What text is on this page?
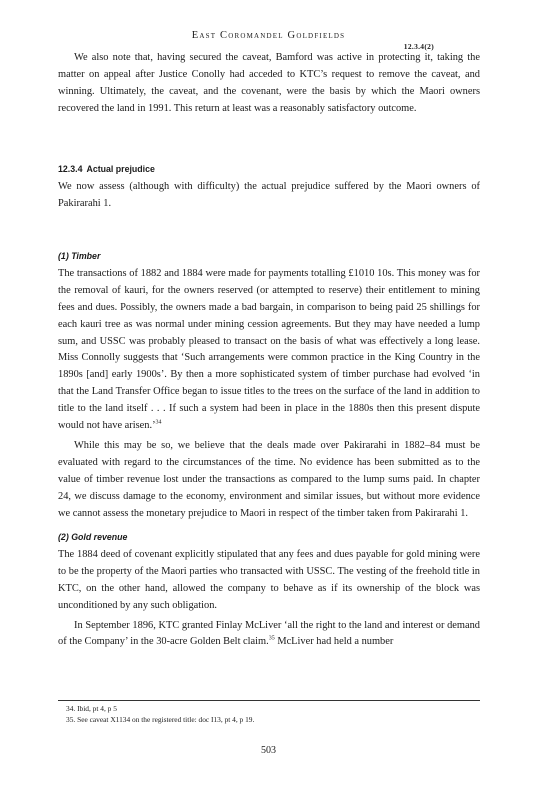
East Coromandel Goldfields
12.3.4(2)

We also note that, having secured the caveat, Bamford was active in protecting it, taking the matter on appeal after Justice Conolly had acceded to KTC’s request to remove the caveat, and winning. Ultimately, the caveat, and the covenant, were the basis by which the Maori owners recovered the land in 1991. This return at least was a reasonably satisfactory outcome.

12.3.4 Actual prejudice

We now assess (although with difficulty) the actual prejudice suffered by the Maori owners of Pakirarahi 1.

(1) Timber

The transactions of 1882 and 1884 were made for payments totalling £1010 10s. This money was for the removal of kauri, for the owners reserved (or attempted to reserve) their entitlement to mining fees and dues. Possibly, the owners made a bad bargain, in comparison to being paid 25 shillings for each kauri tree as was normal under mining cession agreements. But they may have needed a lump sum, and USSC was probably pleased to transact on the basis of what was effectively a long lease. Miss Connolly suggests that ‘Such arrangements were common practice in the King Country in the 1890s [and] early 1900s’. By then a more sophisticated system of timber purchase had evolved ‘in that the Land Transfer Office began to issue titles to the trees on the surface of the land in addition to title to the land itself . . . If such a system had been in place in the 1880s then this present dispute would not have arisen.’$^{34}$

While this may be so, we believe that the deals made over Pakirarahi in 1882–84 must be evaluated with regard to the circumstances of the time. No evidence has been submitted as to the value of timber revenue lost under the transactions as compared to the lump sums paid. In chapter 24, we discuss damage to the economy, environment and similar issues, but without more evidence we cannot assess the monetary prejudice to Maori in respect of the timber taken from Pakirarahi 1.

(2) Gold revenue

The 1884 deed of covenant explicitly stipulated that any fees and dues payable for gold mining were to be the property of the Maori parties who transacted with USSC. The vesting of the freehold title in KTC, on the other hand, allowed the company to behave as if its ownership of the block was unconditioned by any such obligation.

In September 1896, KTC granted Finlay McLiver ‘all the right to the land and interest or demand of the Company’ in the 30-acre Golden Belt claim.$^{35}$ McLiver had held a number

34. Ibid, pt 4, p 5
35. See caveat X1134 on the registered title: doc I13, pt 4, p 19.
503
